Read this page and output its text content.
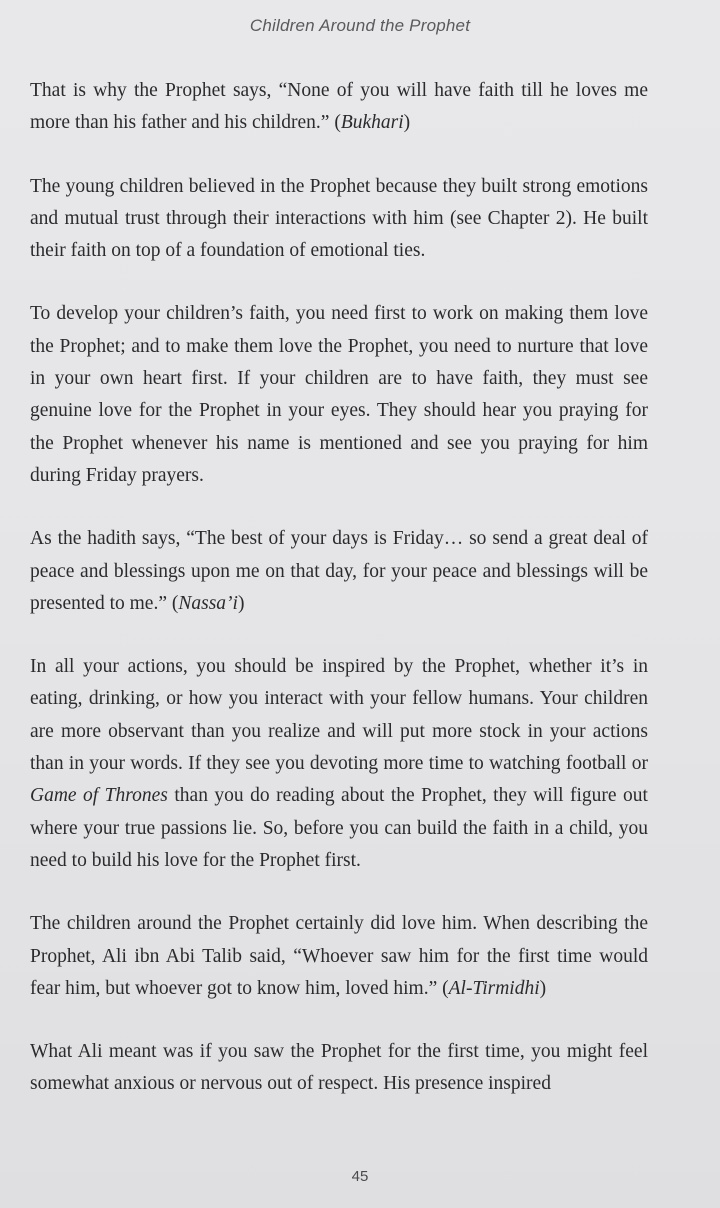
Children Around the Prophet

That is why the Prophet says, “None of you will have faith till he loves me more than his father and his children.” (Bukhari)

The young children believed in the Prophet because they built strong emotions and mutual trust through their interactions with him (see Chapter 2). He built their faith on top of a foundation of emotional ties.

To develop your children’s faith, you need first to work on making them love the Prophet; and to make them love the Prophet, you need to nurture that love in your own heart first. If your children are to have faith, they must see genuine love for the Prophet in your eyes. They should hear you praying for the Prophet whenever his name is mentioned and see you praying for him during Friday prayers.

As the hadith says, “The best of your days is Friday… so send a great deal of peace and blessings upon me on that day, for your peace and blessings will be presented to me.” (Nassa’i)

In all your actions, you should be inspired by the Prophet, whether it’s in eating, drinking, or how you interact with your fellow humans. Your children are more observant than you realize and will put more stock in your actions than in your words. If they see you devoting more time to watching football or Game of Thrones than you do reading about the Prophet, they will figure out where your true passions lie. So, before you can build the faith in a child, you need to build his love for the Prophet first.

The children around the Prophet certainly did love him. When describing the Prophet, Ali ibn Abi Talib said, “Whoever saw him for the first time would fear him, but whoever got to know him, loved him.” (Al-Tirmidhi)

What Ali meant was if you saw the Prophet for the first time, you might feel somewhat anxious or nervous out of respect. His presence inspired

45
